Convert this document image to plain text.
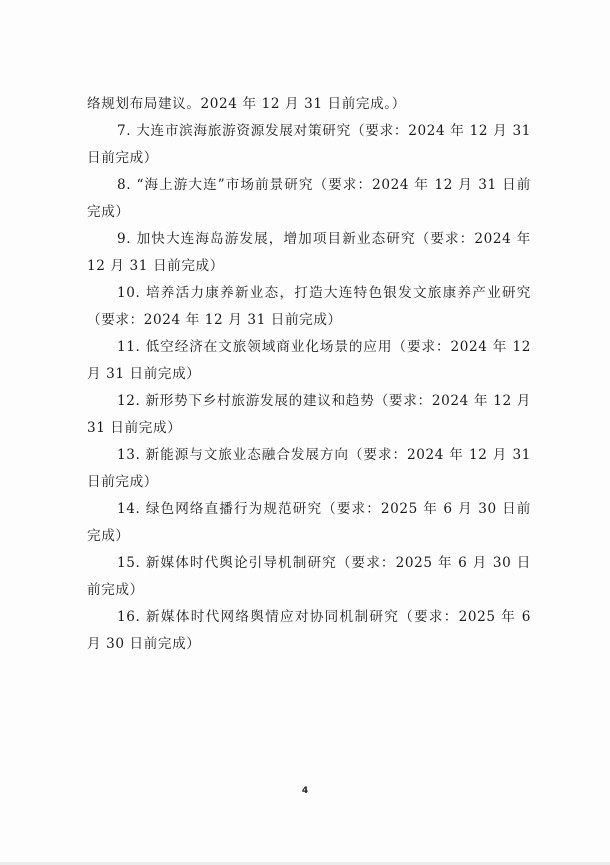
络规划布局建议。2024 年 12 月 31 日前完成。）

7. 大连市滨海旅游资源发展对策研究（要求：2024 年 12 月 31 日前完成）

8. “海上游大连”市场前景研究（要求：2024 年 12 月 31 日前完成）

9. 加快大连海岛游发展，增加项目新业态研究（要求：2024 年 12 月 31 日前完成）

10. 培养活力康养新业态，打造大连特色银发文旅康养产业研究（要求：2024 年 12 月 31 日前完成）

11. 低空经济在文旅领域商业化场景的应用（要求：2024 年 12 月 31 日前完成）

12. 新形势下乡村旅游发展的建议和趋势（要求：2024 年 12 月 31 日前完成）

13. 新能源与文旅业态融合发展方向（要求：2024 年 12 月 31 日前完成）

14. 绿色网络直播行为规范研究（要求：2025 年 6 月 30 日前完成）

15. 新媒体时代舆论引导机制研究（要求：2025 年 6 月 30 日前完成）

16. 新媒体时代网络舆情应对协同机制研究（要求：2025 年 6 月 30 日前完成）

4
